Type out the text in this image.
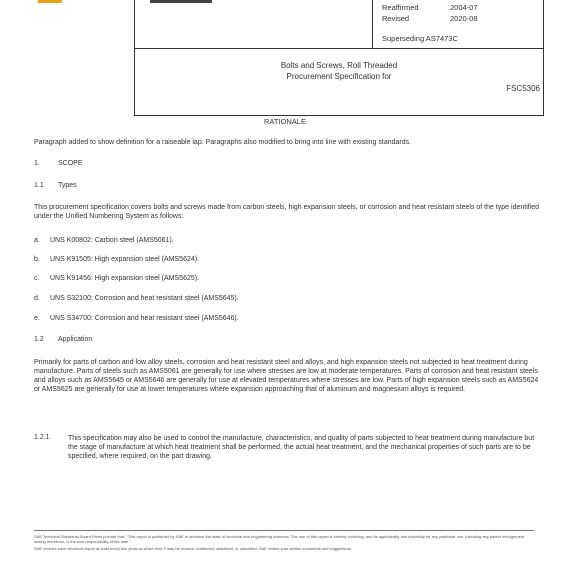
Reaffirmed	2004-07
Revised	2020-08
Superseding AS7473C
Bolts and Screws, Roll Threaded
Procurement Specification for
FSC5306
RATIONALE
Paragraph added to show definition for a raiseable lap. Paragraphs also modified to bring into line with existing standards.
1.	SCOPE
1.1 Types
This procurement specification covers bolts and screws made from carbon steels, high expansion steels, or corrosion and heat resistant steels of the type identified under the Unified Numbering System as follows:
a. UNS K00802: Carbon steel (AMS5061).
b. UNS K91505: High expansion steel (AMS5624).
c. UNS K91456: High expansion steel (AMS5625).
d. UNS S32100: Corrosion and heat resistant steel (AMS5645).
e. UNS S34700: Corrosion and heat resistant steel (AMS5646).
1.2 Application
Primarily for parts of carbon and low alloy steels, corrosion and heat resistant steel and alloys, and high expansion steels not subjected to heat treatment during manufacture. Parts of steels such as AMS5061 are generally for use where stresses are low at moderate temperatures. Parts of corrosion and heat resistant steels and alloys such as AMS5645 or AMS5646 are generally for use at elevated temperatures where stresses are low. Parts of high expansion steels such as AMS5624 or AMS5625 are generally for use at lower temperatures where expansion approaching that of aluminum and magnesium alloys is required.
1.2.1	This specification may also be used to control the manufacture, characteristics, and quality of parts subjected to heat treatment during manufacture but the stage of manufacture at which heat treatment shall be performed, the actual heat treatment, and the mechanical properties of such parts are to be specified, where required, on the part drawing.
SAE Technical Standards Board Rules provide that: "This report is published by SAE to advance the state of technical and engineering sciences. The use of this report is entirely voluntary, and its applicability and suitability for any particular use, including any patent infringement arising therefrom, is the sole responsibility of the user."
SAE reviews each technical report at least every five years at which time it may be revised, reaffirmed, stabilized, or cancelled. SAE invites your written comments and suggestions.
